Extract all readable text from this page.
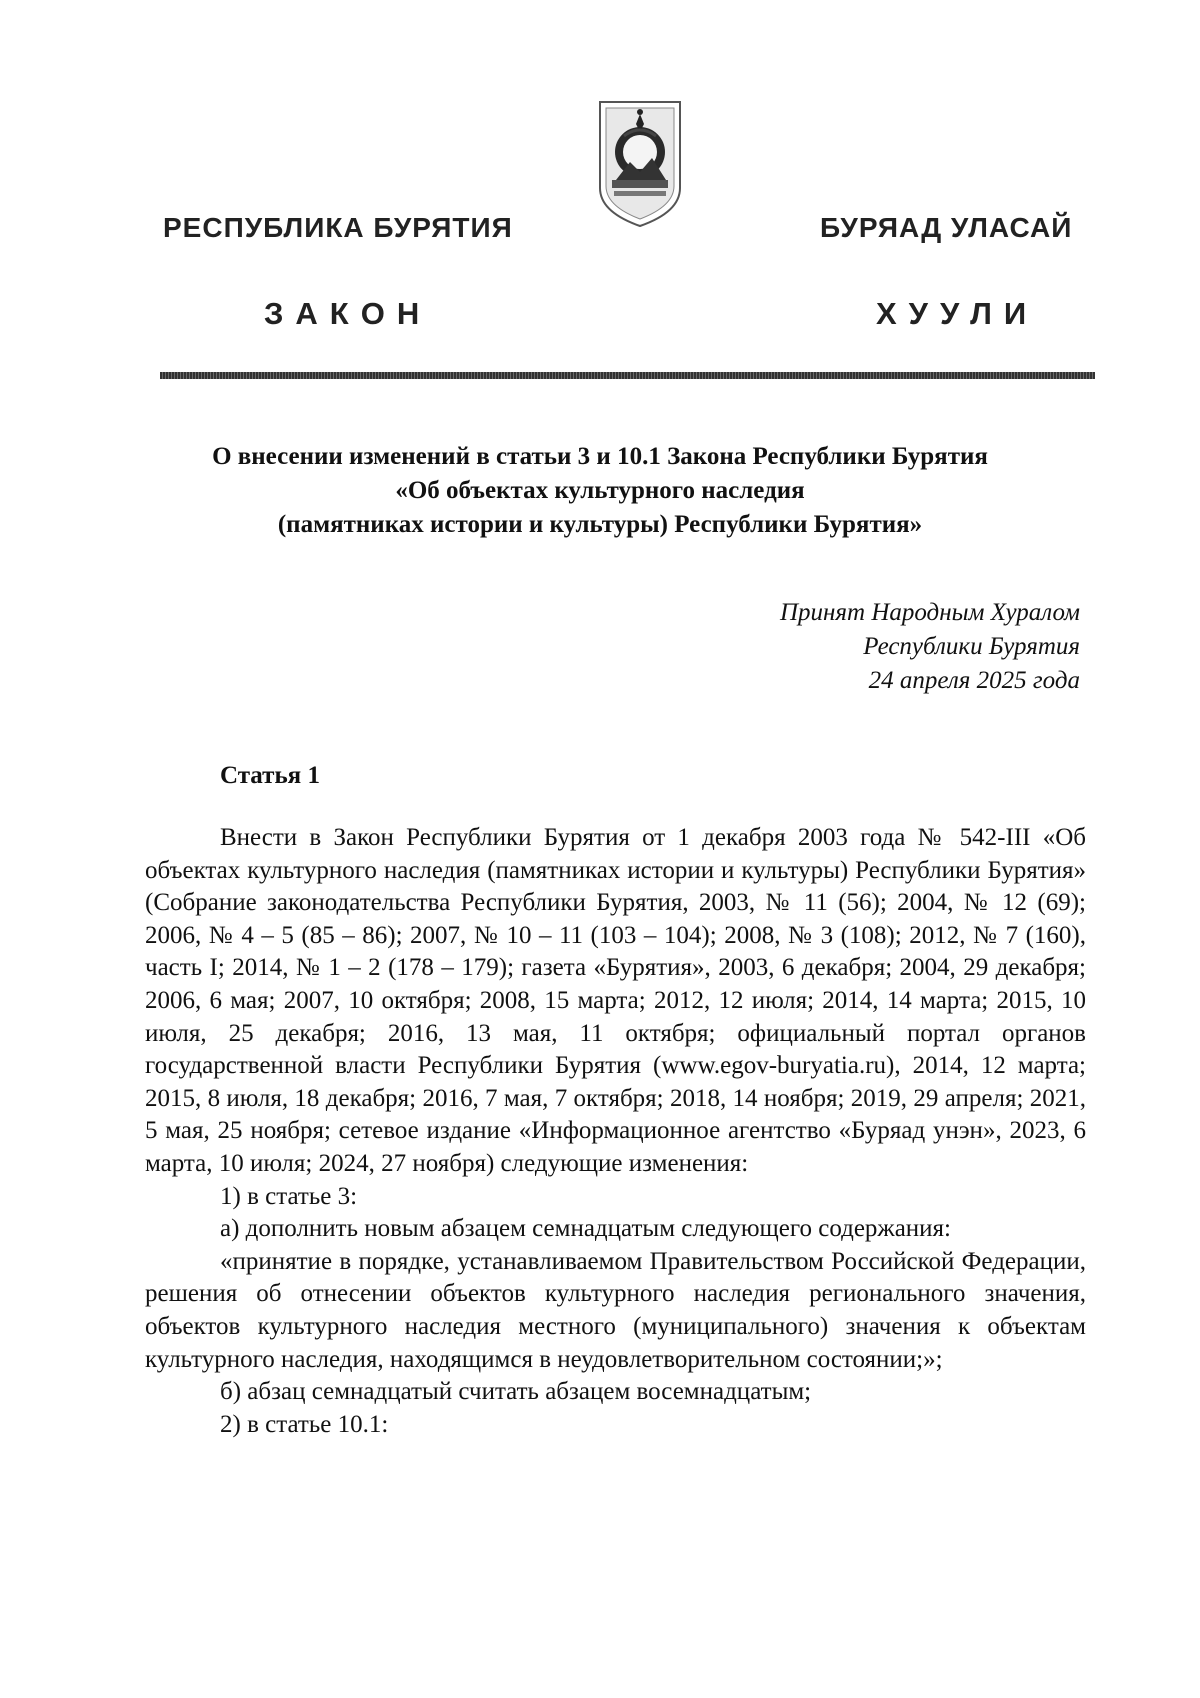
РЕСПУБЛИКА БУРЯТИЯ	БУРЯАД УЛАСАЙ
ЗАКОН	ХУУЛИ
О внесении изменений в статьи 3 и 10.1 Закона Республики Бурятия
«Об объектах культурного наследия
(памятниках истории и культуры) Республики Бурятия»
Принят Народным Хуралом
Республики Бурятия
24 апреля 2025 года
Статья 1

Внести в Закон Республики Бурятия от 1 декабря 2003 года № 542-III «Об объектах культурного наследия (памятниках истории и культуры) Республики Бурятия» (Собрание законодательства Республики Бурятия, 2003, № 11 (56); 2004, № 12 (69); 2006, № 4 – 5 (85 – 86); 2007, № 10 – 11 (103 – 104); 2008, № 3 (108); 2012, № 7 (160), часть I; 2014, № 1 – 2 (178 – 179); газета «Бурятия», 2003, 6 декабря; 2004, 29 декабря; 2006, 6 мая; 2007, 10 октября; 2008, 15 марта; 2012, 12 июля; 2014, 14 марта; 2015, 10 июля, 25 декабря; 2016, 13 мая, 11 октября; официальный портал органов государственной власти Республики Бурятия (www.egov-buryatia.ru), 2014, 12 марта; 2015, 8 июля, 18 декабря; 2016, 7 мая, 7 октября; 2018, 14 ноября; 2019, 29 апреля; 2021, 5 мая, 25 ноября; сетевое издание «Информационное агентство «Буряад унэн», 2023, 6 марта, 10 июля; 2024, 27 ноября) следующие изменения:

1) в статье 3:

а) дополнить новым абзацем семнадцатым следующего содержания:

«принятие в порядке, устанавливаемом Правительством Российской Федерации, решения об отнесении объектов культурного наследия регионального значения, объектов культурного наследия местного (муниципального) значения к объектам культурного наследия, находящимся в неудовлетворительном состоянии;»;

б) абзац семнадцатый считать абзацем восемнадцатым;

2) в статье 10.1:
